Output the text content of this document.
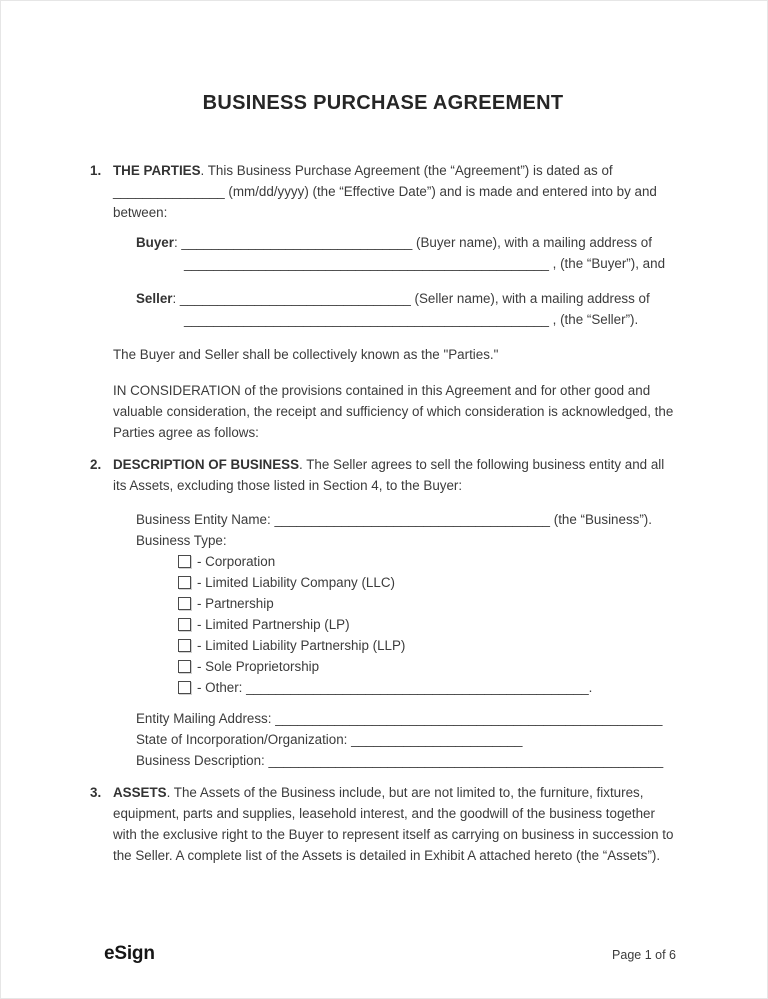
BUSINESS PURCHASE AGREEMENT
1. THE PARTIES. This Business Purchase Agreement (the “Agreement”) is dated as of _______________ (mm/dd/yyyy) (the “Effective Date”) and is made and entered into by and between:

Buyer: _______________________________ (Buyer name), with a mailing address of
_________________________________________________ , (the “Buyer”), and

Seller: _______________________________ (Seller name), with a mailing address of
_________________________________________________ , (the “Seller”).

The Buyer and Seller shall be collectively known as the "Parties."

IN CONSIDERATION of the provisions contained in this Agreement and for other good and valuable consideration, the receipt and sufficiency of which consideration is acknowledged, the Parties agree as follows:

2. DESCRIPTION OF BUSINESS. The Seller agrees to sell the following business entity and all its Assets, excluding those listed in Section 4, to the Buyer:

Business Entity Name: _____________________________________ (the “Business”).

Business Type:

- Corporation
- Limited Liability Company (LLC)
- Partnership
- Limited Partnership (LP)
- Limited Liability Partnership (LLP)
- Sole Proprietorship
- Other: ______________________________________________.

Entity Mailing Address: ____________________________________________________

State of Incorporation/Organization: _______________________

Business Description: _____________________________________________________

3. ASSETS. The Assets of the Business include, but are not limited to, the furniture, fixtures, equipment, parts and supplies, leasehold interest, and the goodwill of the business together with the exclusive right to the Buyer to represent itself as carrying on business in succession to the Seller. A complete list of the Assets is detailed in Exhibit A attached hereto (the “Assets”).

eSign	Page 1 of 6
